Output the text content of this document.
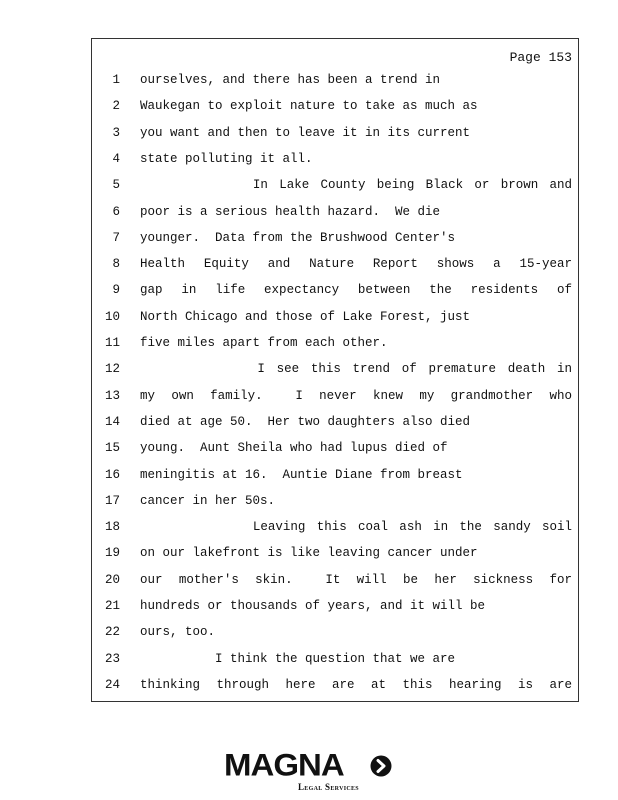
Page 153
1 ourselves, and there has been a trend in
2 Waukegan to exploit nature to take as much as
3 you want and then to leave it in its current
4 state polluting it all.
5 In Lake County being Black or brown and
6 poor is a serious health hazard.  We die
7 younger.  Data from the Brushwood Center's
8 Health Equity and Nature Report shows a 15-year
9 gap in life expectancy between the residents of
10 North Chicago and those of Lake Forest, just
11 five miles apart from each other.
12 I see this trend of premature death in
13 my own family.  I never knew my grandmother who
14 died at age 50.  Her two daughters also died
15 young.  Aunt Sheila who had lupus died of
16 meningitis at 16.  Auntie Diane from breast
17 cancer in her 50s.
18 Leaving this coal ash in the sandy soil
19 on our lakefront is like leaving cancer under
20 our mother's skin.  It will be her sickness for
21 hundreds or thousands of years, and it will be
22 ours, too.
23 I think the question that we are
24 thinking through here are at this hearing is are
MAGNA
Legal Services
